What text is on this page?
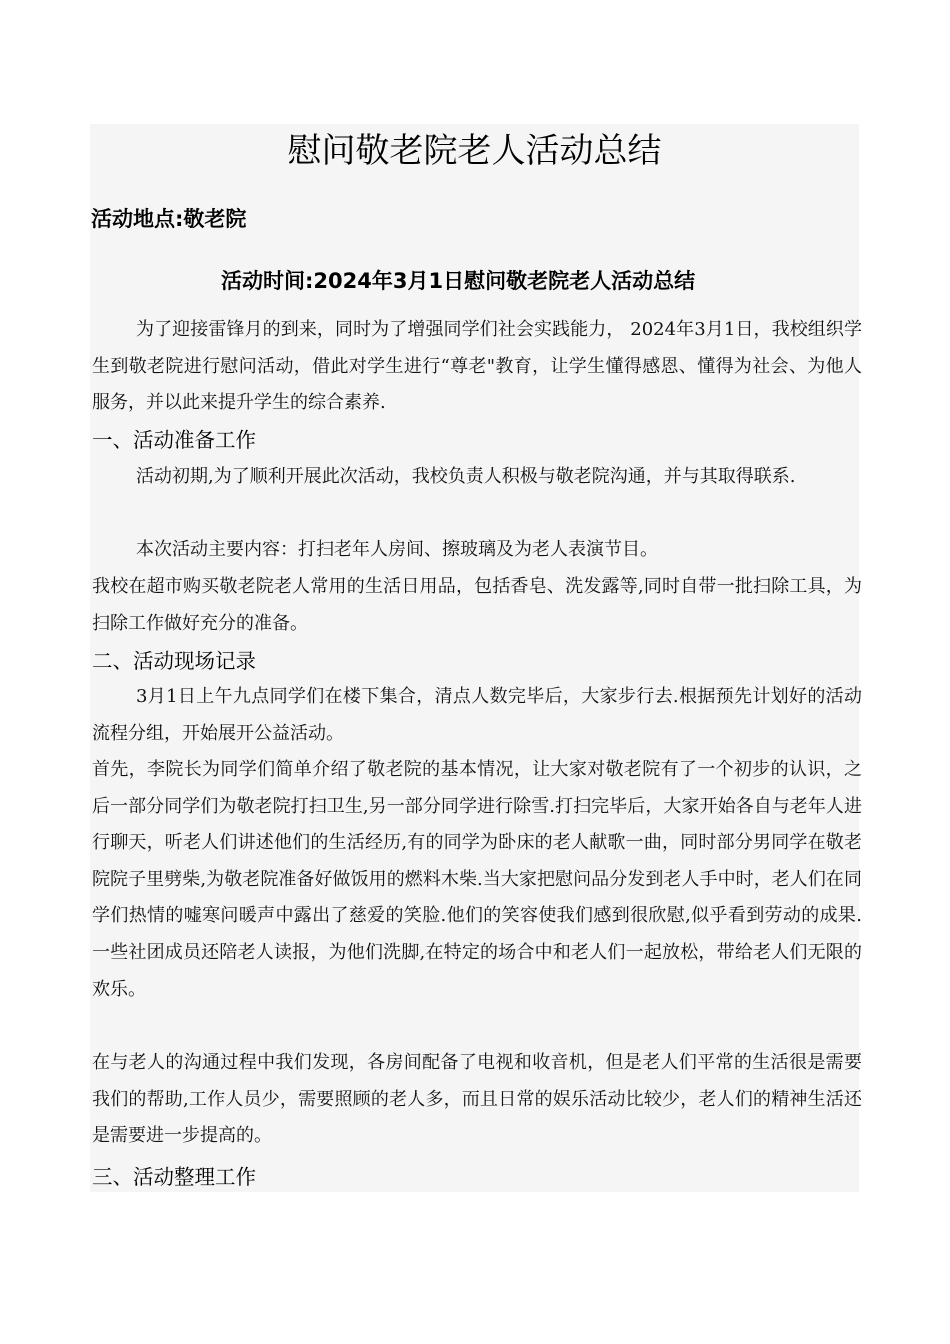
慰问敬老院老人活动总结
活动地点:敬老院
活动时间:2024年3月1日慰问敬老院老人活动总结
为了迎接雷锋月的到来，同时为了增强同学们社会实践能力， 2024年3月1日，我校组织学生到敬老院进行慰问活动，借此对学生进行“尊老"教育，让学生懂得感恩、懂得为社会、为他人服务，并以此来提升学生的综合素养.
一、活动准备工作
活动初期,为了顺利开展此次活动，我校负责人积极与敬老院沟通，并与其取得联系.
本次活动主要内容：打扫老年人房间、擦玻璃及为老人表演节目。
我校在超市购买敬老院老人常用的生活日用品，包括香皂、洗发露等,同时自带一批扫除工具，为扫除工作做好充分的准备。
二、活动现场记录
3月1日上午九点同学们在楼下集合，清点人数完毕后，大家步行去.根据预先计划好的活动流程分组，开始展开公益活动。
首先，李院长为同学们简单介绍了敬老院的基本情况，让大家对敬老院有了一个初步的认识，之后一部分同学们为敬老院打扫卫生,另一部分同学进行除雪.打扫完毕后，大家开始各自与老年人进行聊天，听老人们讲述他们的生活经历,有的同学为卧床的老人献歌一曲，同时部分男同学在敬老院院子里劈柴,为敬老院准备好做饭用的燃料木柴.当大家把慰问品分发到老人手中时，老人们在同学们热情的嘘寒问暖声中露出了慈爱的笑脸.他们的笑容使我们感到很欣慰,似乎看到劳动的成果.一些社团成员还陪老人读报，为他们洗脚,在特定的场合中和老人们一起放松，带给老人们无限的欢乐。
在与老人的沟通过程中我们发现，各房间配备了电视和收音机，但是老人们平常的生活很是需要我们的帮助,工作人员少，需要照顾的老人多，而且日常的娱乐活动比较少，老人们的精神生活还是需要进一步提高的。
三、活动整理工作
